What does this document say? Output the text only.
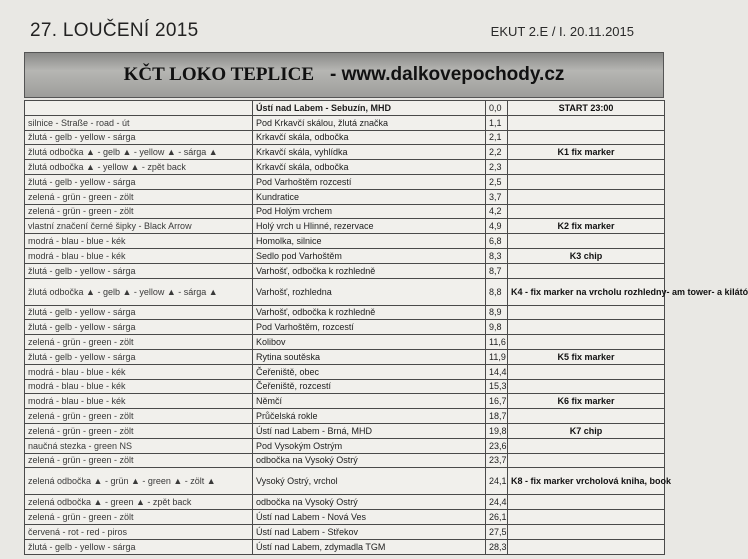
27. LOUČENÍ 2015	EKUT 2.E / I. 20.11.2015
KČT LOKO TEPLICE - www.dalkovepochody.cz
	Ústí nad Labem - Sebuzín, MHD	0,0	START 23:00
silnice - Straße - road - út	Pod Krkavčí skálou, žlutá značka	1,1	
žlutá - gelb - yellow - sárga	Krkavčí skála, odbočka	2,1	
žlutá odbočka ▲ - gelb ▲ - yellow ▲ - sárga ▲	Krkavčí skála, vyhlídka	2,2	K1 fix marker
žlutá odbočka ▲ - yellow ▲ - zpět back	Krkavčí skála, odbočka	2,3	
žlutá - gelb - yellow - sárga	Pod Varhoštěm rozcestí	2,5	
zelená - grün - green - zölt	Kundratice	3,7	
zelená - grün - green - zölt	Pod Holým vrchem	4,2	
vlastní značení černé šipky - Black Arrow	Holý vrch u Hlinné, rezervace	4,9	K2 fix marker
modrá - blau - blue - kék	Homolka, silnice	6,8	
modrá - blau - blue - kék	Sedlo pod Varhoštěm	8,3	K3 chip
žlutá - gelb - yellow - sárga	Varhošť, odbočka k rozhledně	8,7	
žlutá odbočka ▲ - gelb ▲ - yellow ▲ - sárga ▲	Varhošť, rozhledna	8,8	K4 - fix marker na vrcholu rozhledny- am tower- a kilátó
žlutá - gelb - yellow - sárga	Varhošť, odbočka k rozhledně	8,9	
žlutá - gelb - yellow - sárga	Pod Varhoštěm, rozcestí	9,8	
zelená - grün - green - zölt	Kolibov	11,6	
žlutá - gelb - yellow - sárga	Rytina soutěska	11,9	K5 fix marker
modrá - blau - blue - kék	Čeřeniště, obec	14,4	
modrá - blau - blue - kék	Čeřeniště, rozcestí	15,3	
modrá - blau - blue - kék	Němčí	16,7	K6 fix marker
zelená - grün - green - zölt	Průčelská rokle	18,7	
zelená - grün - green - zölt	Ústí nad Labem - Brná, MHD	19,8	K7 chip
naučná stezka - green NS	Pod Vysokým Ostrým	23,6	
zelená - grün - green - zölt	odbočka na Vysoký Ostrý	23,7	
zelená odbočka ▲ - grün ▲ - green ▲ - zölt ▲	Vysoký Ostrý, vrchol	24,1	K8 - fix marker vrcholová kniha, book
zelená odbočka ▲ - green ▲ - zpět back	odbočka na Vysoký Ostrý	24,4	
zelená - grün - green - zölt	Ústí nad Labem - Nová Ves	26,1	
červená - rot - red - piros	Ústí nad Labem - Střekov	27,5	
žlutá - gelb - yellow - sárga	Ústí nad Labem, zdymadla TGM	28,3	
